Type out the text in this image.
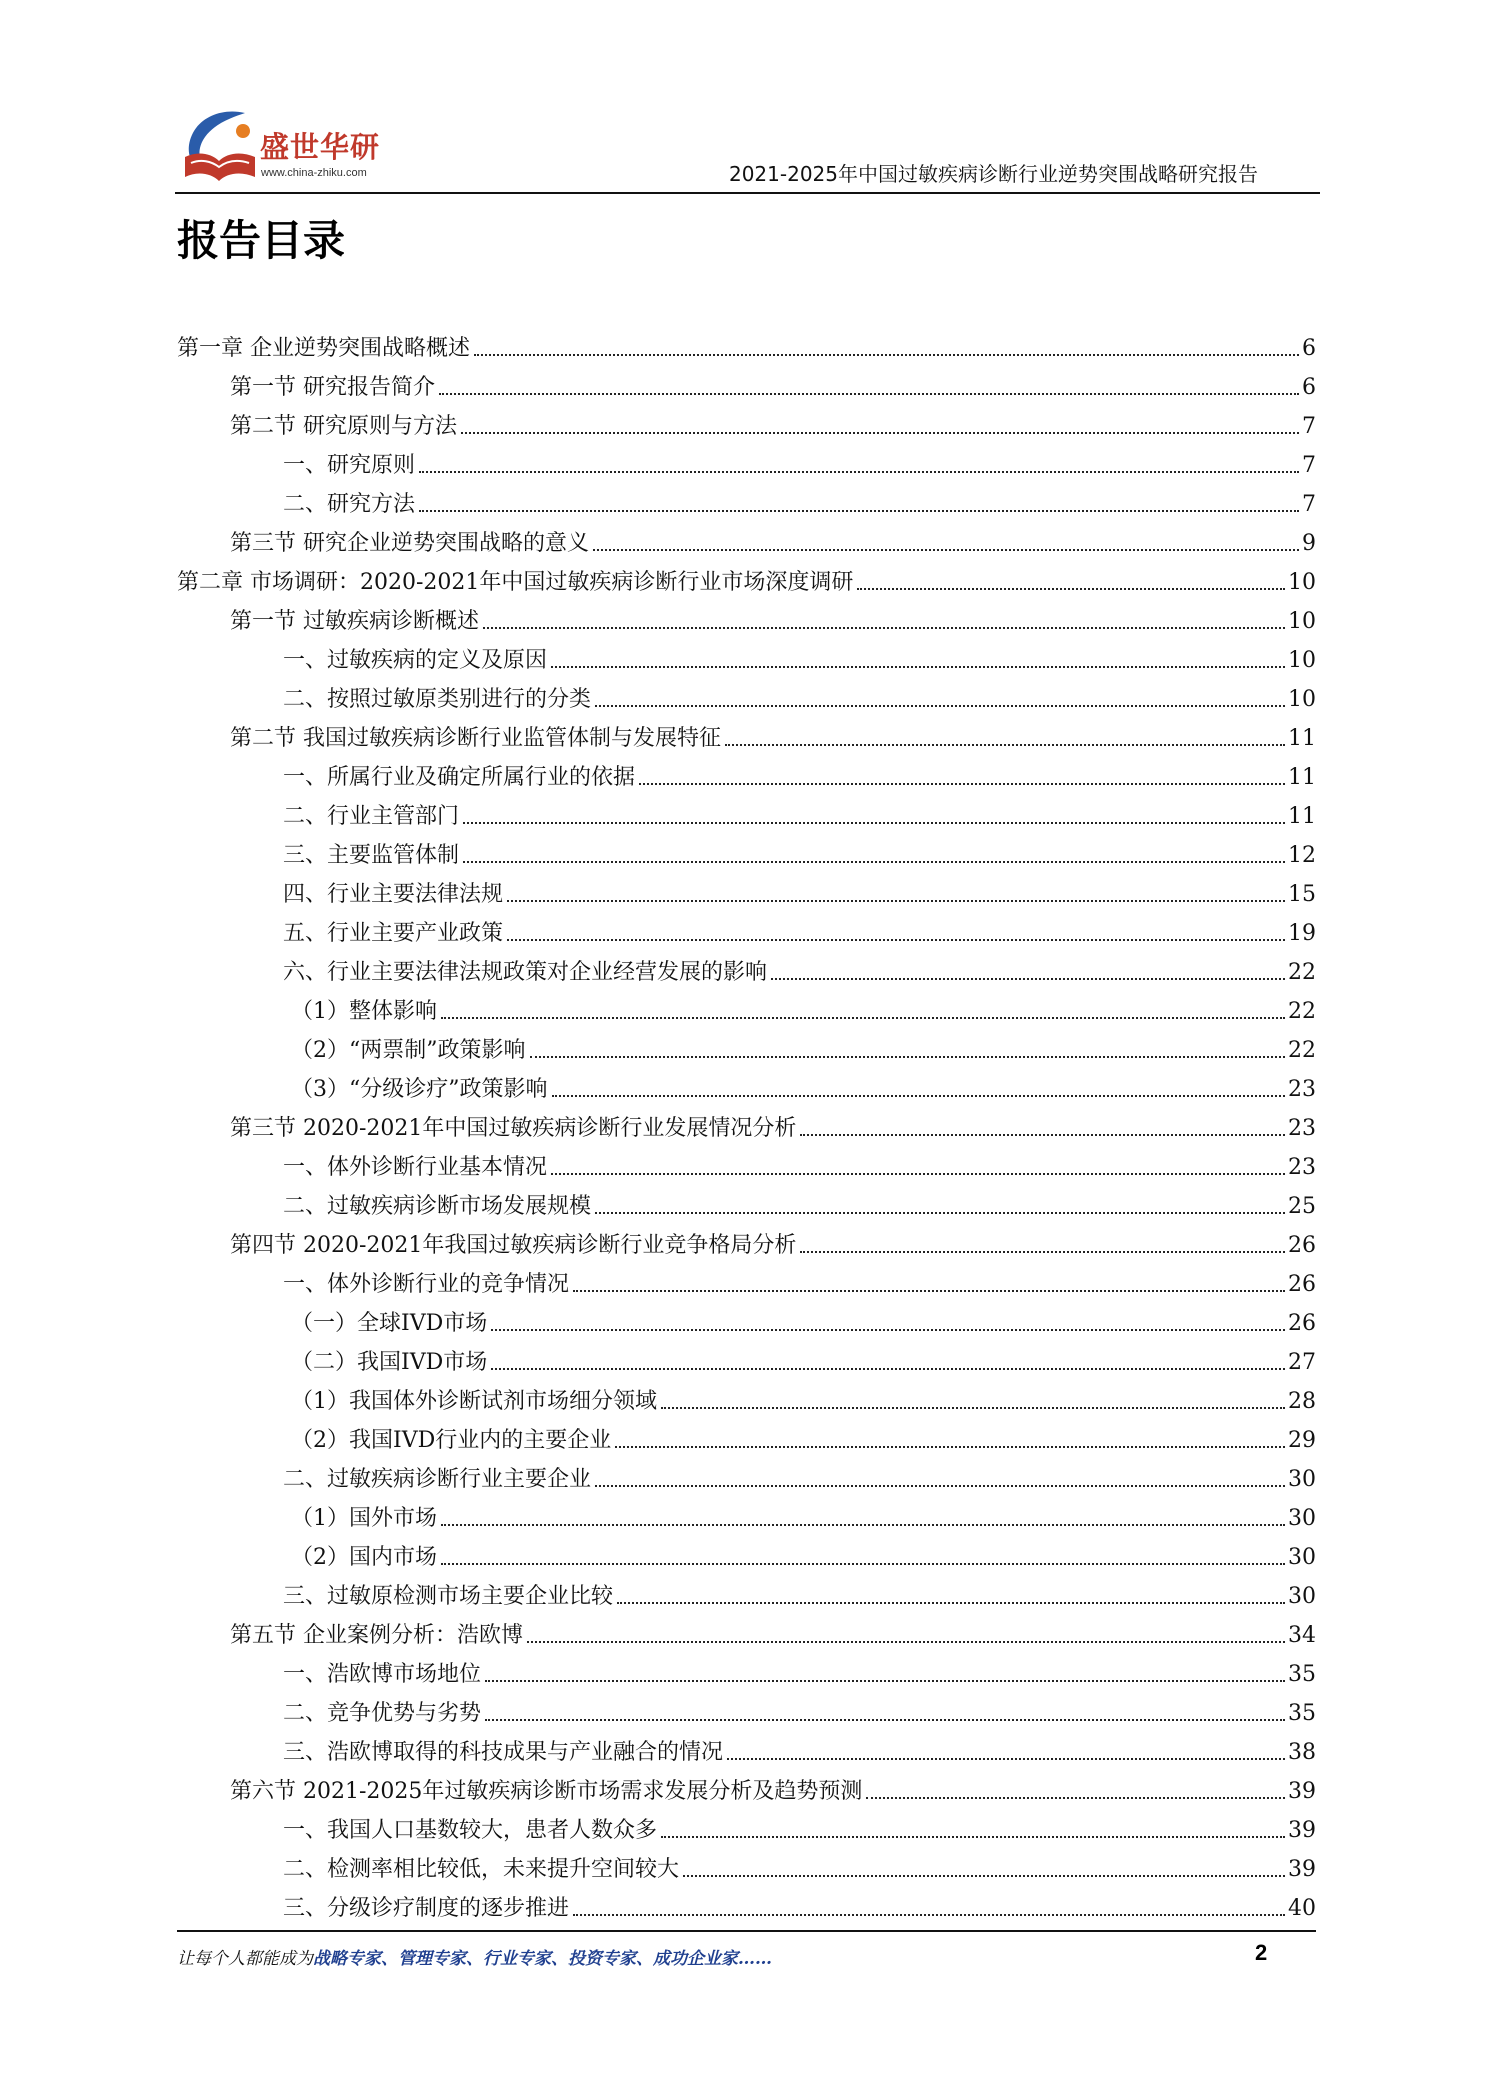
盛世华研
www.china-zhiku.com	2021-2025年中国过敏疾病诊断行业逆势突围战略研究报告
报告目录
第一章 企业逆势突围战略概述	6
第一节 研究报告简介	6
第二节 研究原则与方法	7
一、研究原则	7
二、研究方法	7
第三节 研究企业逆势突围战略的意义	9
第二章 市场调研：2020-2021年中国过敏疾病诊断行业市场深度调研	10
第一节 过敏疾病诊断概述	10
一、过敏疾病的定义及原因	10
二、按照过敏原类别进行的分类	10
第二节 我国过敏疾病诊断行业监管体制与发展特征	11
一、所属行业及确定所属行业的依据	11
二、行业主管部门	11
三、主要监管体制	12
四、行业主要法律法规	15
五、行业主要产业政策	19
六、行业主要法律法规政策对企业经营发展的影响	22
（1）整体影响	22
（2）“两票制”政策影响	22
（3）“分级诊疗”政策影响	23
第三节 2020-2021年中国过敏疾病诊断行业发展情况分析	23
一、体外诊断行业基本情况	23
二、过敏疾病诊断市场发展规模	25
第四节 2020-2021年我国过敏疾病诊断行业竞争格局分析	26
一、体外诊断行业的竞争情况	26
（一）全球IVD市场	26
（二）我国IVD市场	27
（1）我国体外诊断试剂市场细分领域	28
（2）我国IVD行业内的主要企业	29
二、过敏疾病诊断行业主要企业	30
（1）国外市场	30
（2）国内市场	30
三、过敏原检测市场主要企业比较	30
第五节 企业案例分析：浩欧博	34
一、浩欧博市场地位	35
二、竞争优势与劣势	35
三、浩欧博取得的科技成果与产业融合的情况	38
第六节 2021-2025年过敏疾病诊断市场需求发展分析及趋势预测	39
一、我国人口基数较大，患者人数众多	39
二、检测率相比较低，未来提升空间较大	39
三、分级诊疗制度的逐步推进	40
让每个人都能成为战略专家、管理专家、行业专家、投资专家、成功企业家……	2
